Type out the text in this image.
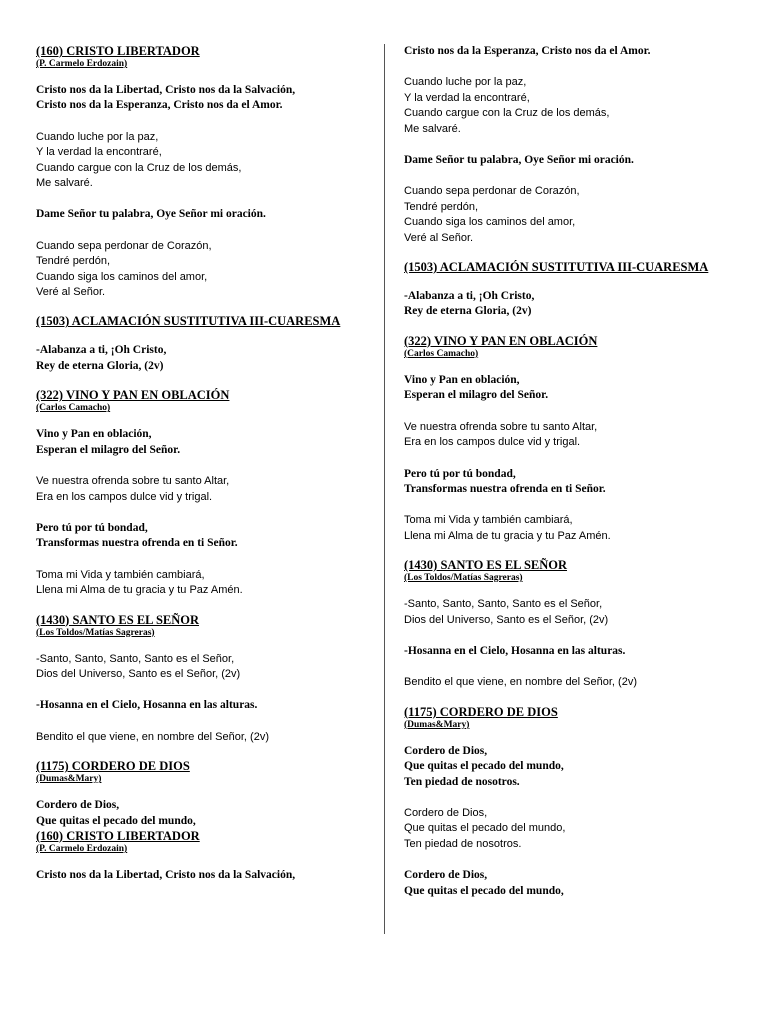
(160) CRISTO LIBERTADOR
(P. Carmelo Erdozain)
Cristo nos da la Libertad, Cristo nos da la Salvación,
Cristo nos da la Esperanza, Cristo nos da el Amor.
Cuando luche por la paz,
Y la verdad la encontraré,
Cuando cargue con la Cruz de los demás,
Me salvaré.
Dame Señor tu palabra, Oye Señor mi oración.
Cuando sepa perdonar de Corazón,
Tendré perdón,
Cuando siga los caminos del amor,
Veré al Señor.
(1503) ACLAMACIÓN SUSTITUTIVA III-CUARESMA
-Alabanza a ti, ¡Oh Cristo,
Rey de eterna Gloria, (2v)
(322) VINO Y PAN EN OBLACIÓN
(Carlos Camacho)
Vino y Pan en oblación,
Esperan el milagro del Señor.
Ve nuestra ofrenda sobre tu santo Altar,
Era en los campos dulce vid y trigal.
Pero tú por tú bondad,
Transformas nuestra ofrenda en ti Señor.
Toma mi Vida y también cambiará,
Llena mi Alma de tu gracia y tu Paz Amén.
(1430) SANTO ES EL SEÑOR
(Los Toldos/Matías Sagreras)
-Santo, Santo, Santo, Santo es el Señor,
Dios del Universo, Santo es el Señor, (2v)
-Hosanna en el Cielo, Hosanna en las alturas.
Bendito el que viene, en nombre del Señor, (2v)
(1175) CORDERO DE DIOS
(Dumas&Mary)
Cordero de Dios,
Que quitas el pecado del mundo,
(160) CRISTO LIBERTADOR
(P. Carmelo Erdozain)
Cristo nos da la Libertad, Cristo nos da la Salvación,
Cristo nos da la Esperanza, Cristo nos da el Amor.
Cuando luche por la paz,
Y la verdad la encontraré,
Cuando cargue con la Cruz de los demás,
Me salvaré.
Dame Señor tu palabra, Oye Señor mi oración.
Cuando sepa perdonar de Corazón,
Tendré perdón,
Cuando siga los caminos del amor,
Veré al Señor.
(1503) ACLAMACIÓN SUSTITUTIVA III-CUARESMA
-Alabanza a ti, ¡Oh Cristo,
Rey de eterna Gloria, (2v)
(322) VINO Y PAN EN OBLACIÓN
(Carlos Camacho)
Vino y Pan en oblación,
Esperan el milagro del Señor.
Ve nuestra ofrenda sobre tu santo Altar,
Era en los campos dulce vid y trigal.
Pero tú por tú bondad,
Transformas nuestra ofrenda en ti Señor.
Toma mi Vida y también cambiará,
Llena mi Alma de tu gracia y tu Paz Amén.
(1430) SANTO ES EL SEÑOR
(Los Toldos/Matías Sagreras)
-Santo, Santo, Santo, Santo es el Señor,
Dios del Universo, Santo es el Señor, (2v)
-Hosanna en el Cielo, Hosanna en las alturas.
Bendito el que viene, en nombre del Señor, (2v)
(1175) CORDERO DE DIOS
(Dumas&Mary)
Cordero de Dios,
Que quitas el pecado del mundo,
Ten piedad de nosotros.
Cordero de Dios,
Que quitas el pecado del mundo,
Ten piedad de nosotros.
Cordero de Dios,
Que quitas el pecado del mundo,
